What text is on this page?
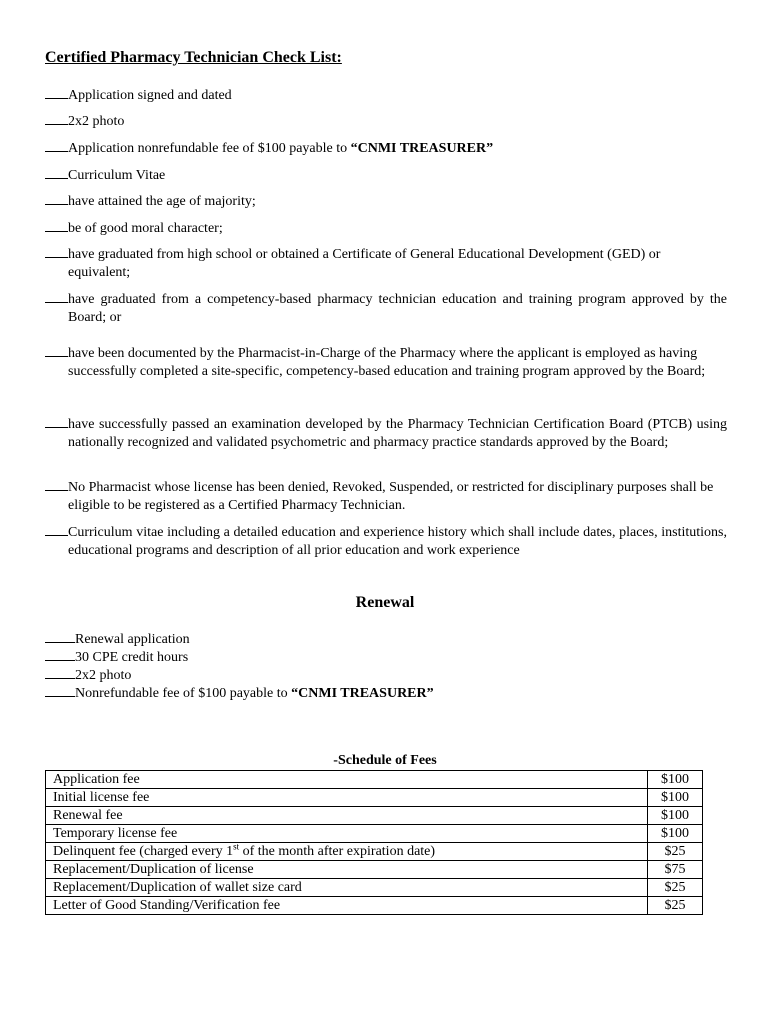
Certified Pharmacy Technician Check List:

Application signed and dated

2x2 photo

Application nonrefundable fee of $100 payable to “CNMI TREASURER”

Curriculum Vitae

have attained the age of majority;

be of good moral character;

have graduated from high school or obtained a Certificate of General Educational Development (GED) or equivalent;

have graduated from a competency-based pharmacy technician education and training program approved by the Board; or

have been documented by the Pharmacist-in-Charge of the Pharmacy where the applicant is employed as having successfully completed a site-specific, competency-based education and training program approved by the Board;

have successfully passed an examination developed by the Pharmacy Technician Certification Board (PTCB) using nationally recognized and validated psychometric and pharmacy practice standards approved by the Board;

No Pharmacist whose license has been denied, Revoked, Suspended, or restricted for disciplinary purposes shall be eligible to be registered as a Certified Pharmacy Technician.

Curriculum vitae including a detailed education and experience history which shall include dates, places, institutions, educational programs and description of all prior education and work experience

Renewal
Renewal application
30 CPE credit hours
2x2 photo
Nonrefundable fee of $100 payable to “CNMI TREASURER”
-Schedule of Fees
Application fee	$100
Initial license fee	$100
Renewal fee	$100
Temporary license fee	$100
Delinquent fee (charged every 1st of the month after expiration date)	$25
Replacement/Duplication of license	$75
Replacement/Duplication of wallet size card	$25
Letter of Good Standing/Verification fee	$25
